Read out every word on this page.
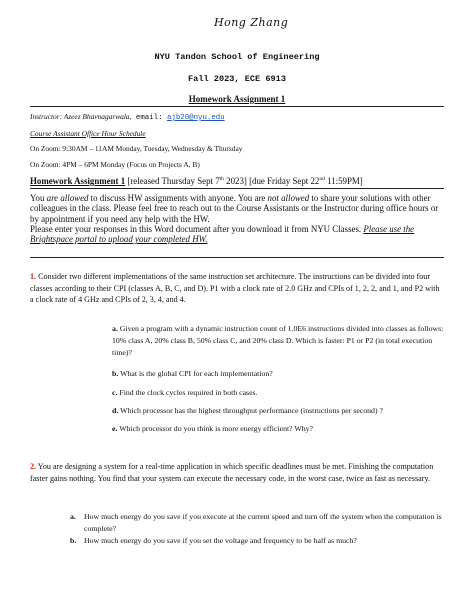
Hong Zhang
NYU Tandon School of Engineering
Fall 2023, ECE 6913
Homework Assignment 1
Instructor: Azeez Bhavnagarwala, email: ajb20@nyu.edu
Course Assistant Office Hour Schedule
On Zoom: 9:30AM – 11AM Monday, Tuesday, Wednesday & Thursday
On Zoom: 4PM – 6PM Monday (Focus on Projects A, B)
Homework Assignment 1 [released Thursday Sept 7th 2023] [due Friday Sept 22nd 11:59PM]

You are allowed to discuss HW assignments with anyone. You are not allowed to share your solutions with other colleagues in the class. Please feel free to reach out to the Course Assistants or the Instructor during office hours or by appointment if you need any help with the HW.

Please enter your responses in this Word document after you download it from NYU Classes. Please use the Brightspace portal to upload your completed HW.

1. Consider two different implementations of the same instruction set architecture. The instructions can be divided into four classes according to their CPI (classes A, B, C, and D). P1 with a clock rate of 2.0 GHz and CPIs of 1, 2, 2, and 1, and P2 with a clock rate of 4 GHz and CPIs of 2, 3, 4, and 4.
a. Given a program with a dynamic instruction count of 1.0E6 instructions divided into classes as follows: 10% class A, 20% class B, 50% class C, and 20% class D. Which is faster: P1 or P2 (in total execution time)?
b. What is the global CPI for each implementation?
c. Find the clock cycles required in both cases.
d. Which processor has the highest throughput performance (instructions per second) ?
e. Which processor do you think is more energy efficient? Why?
2. You are designing a system for a real-time application in which specific deadlines must be met. Finishing the computation faster gains nothing. You find that your system can execute the necessary code, in the worst case, twice as fast as necessary.
a. How much energy do you save if you execute at the current speed and turn off the system when the computation is complete?
b. How much energy do you save if you set the voltage and frequency to be half as much?
